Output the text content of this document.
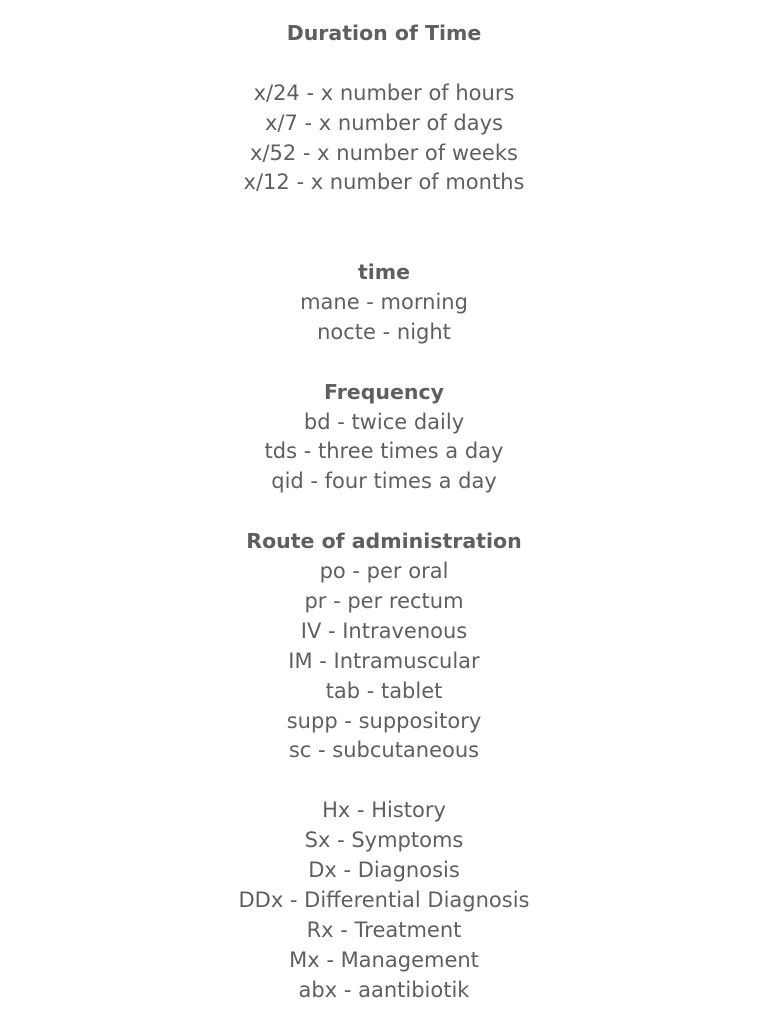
Duration of Time
x/24 - x number of hours
x/7 - x number of days
x/52 - x number of weeks
x/12 - x number of months
time
mane - morning
nocte - night
Frequency
bd - twice daily
tds - three times a day
qid - four times a day
Route of administration
po - per oral
pr - per rectum
IV - Intravenous
IM - Intramuscular
tab - tablet
supp - suppository
sc - subcutaneous
Hx - History
Sx - Symptoms
Dx - Diagnosis
DDx - Differential Diagnosis
Rx - Treatment
Mx - Management
abx - aantibiotik
